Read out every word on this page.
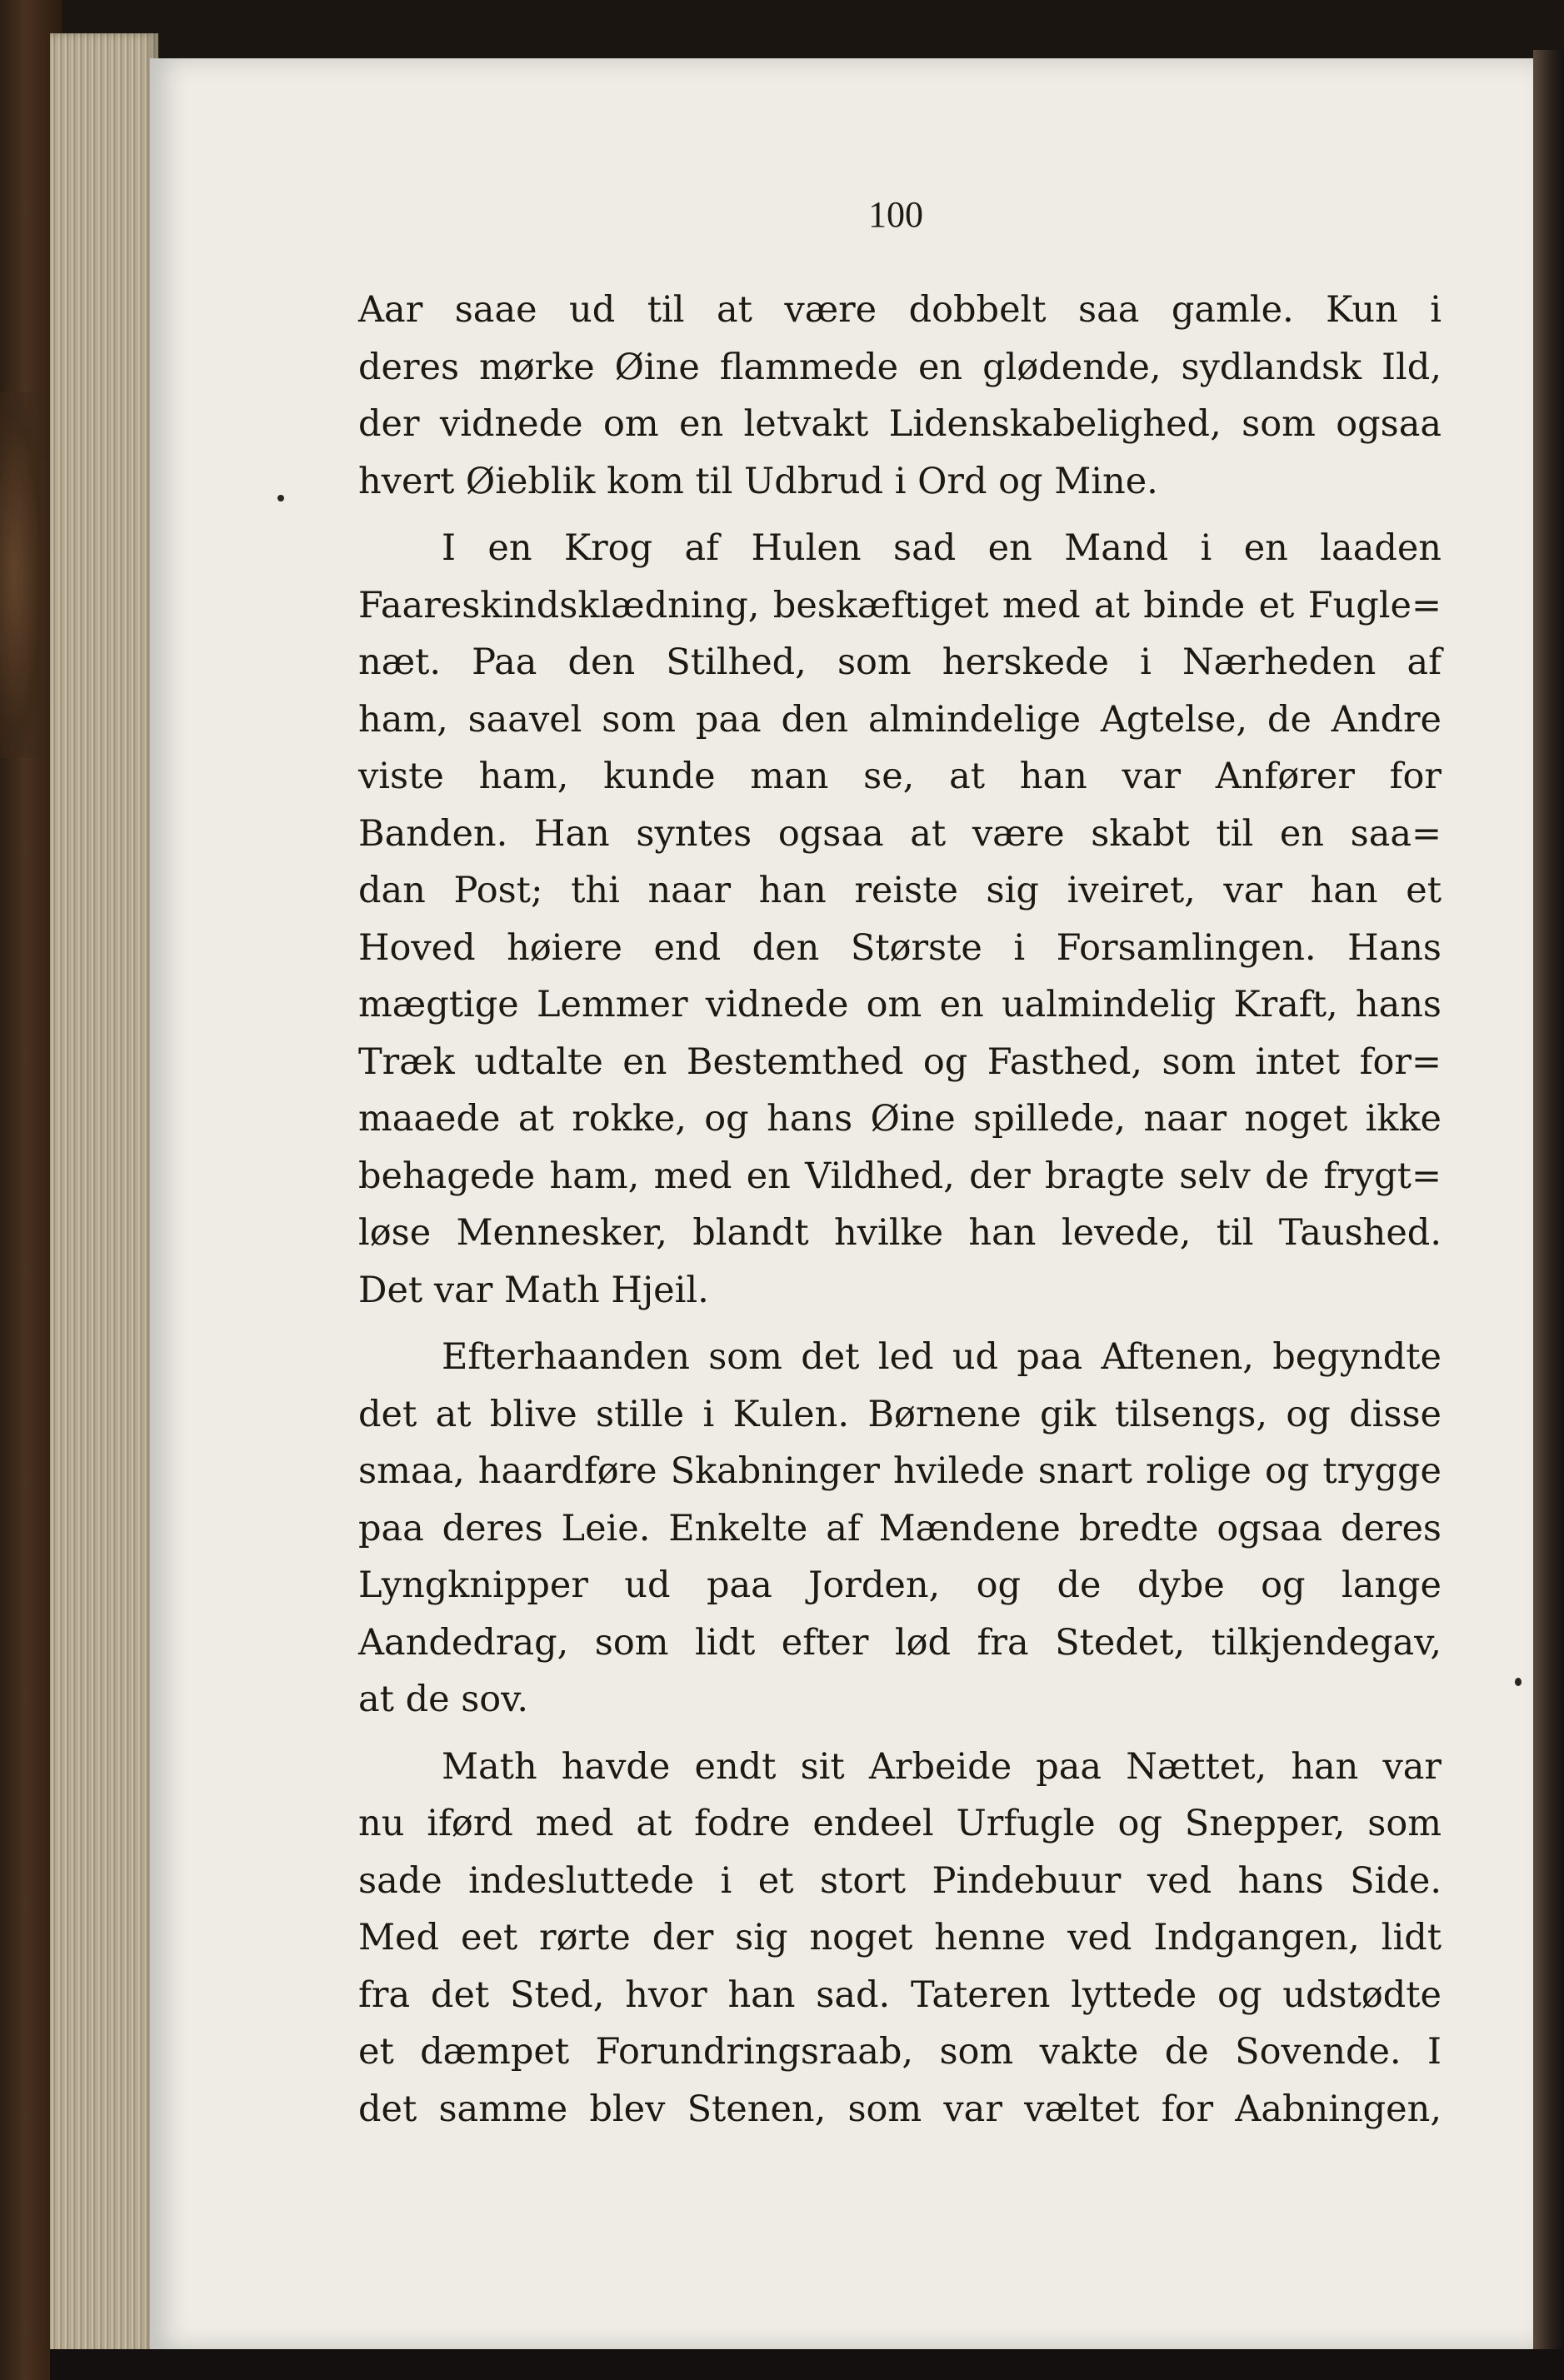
100
Aar saae ud til at være dobbelt saa gamle. Kun i
deres mørke Øine flammede en glødende, sydlandsk Ild,
der vidnede om en letvakt Lidenskabelighed, som ogsaa
hvert Øieblik kom til Udbrud i Ord og Mine.
I en Krog af Hulen sad en Mand i en laaden
Faareskindsklædning, beskæftiget med at binde et Fugle=
næt. Paa den Stilhed, som herskede i Nærheden af
ham, saavel som paa den almindelige Agtelse, de Andre
viste ham, kunde man se, at han var Anfører for
Banden. Han syntes ogsaa at være skabt til en saa=
dan Post; thi naar han reiste sig iveiret, var han et
Hoved høiere end den Største i Forsamlingen. Hans
mægtige Lemmer vidnede om en ualmindelig Kraft, hans
Træk udtalte en Bestemthed og Fasthed, som intet for=
maaede at rokke, og hans Øine spillede, naar noget ikke
behagede ham, med en Vildhed, der bragte selv de frygt=
løse Mennesker, blandt hvilke han levede, til Taushed.
Det var Math Hjeil.
Efterhaanden som det led ud paa Aftenen, begyndte
det at blive stille i Kulen. Børnene gik tilsengs, og disse
smaa, haardføre Skabninger hvilede snart rolige og trygge
paa deres Leie. Enkelte af Mændene bredte ogsaa deres
Lyngknipper ud paa Jorden, og de dybe og lange
Aandedrag, som lidt efter lød fra Stedet, tilkjendegav,
at de sov.
Math havde endt sit Arbeide paa Nættet, han var
nu iførd med at fodre endeel Urfugle og Snepper, som
sade indesluttede i et stort Pindebuur ved hans Side.
Med eet rørte der sig noget henne ved Indgangen, lidt
fra det Sted, hvor han sad. Tateren lyttede og udstødte
et dæmpet Forundringsraab, som vakte de Sovende. I
det samme blev Stenen, som var væltet for Aabningen,
